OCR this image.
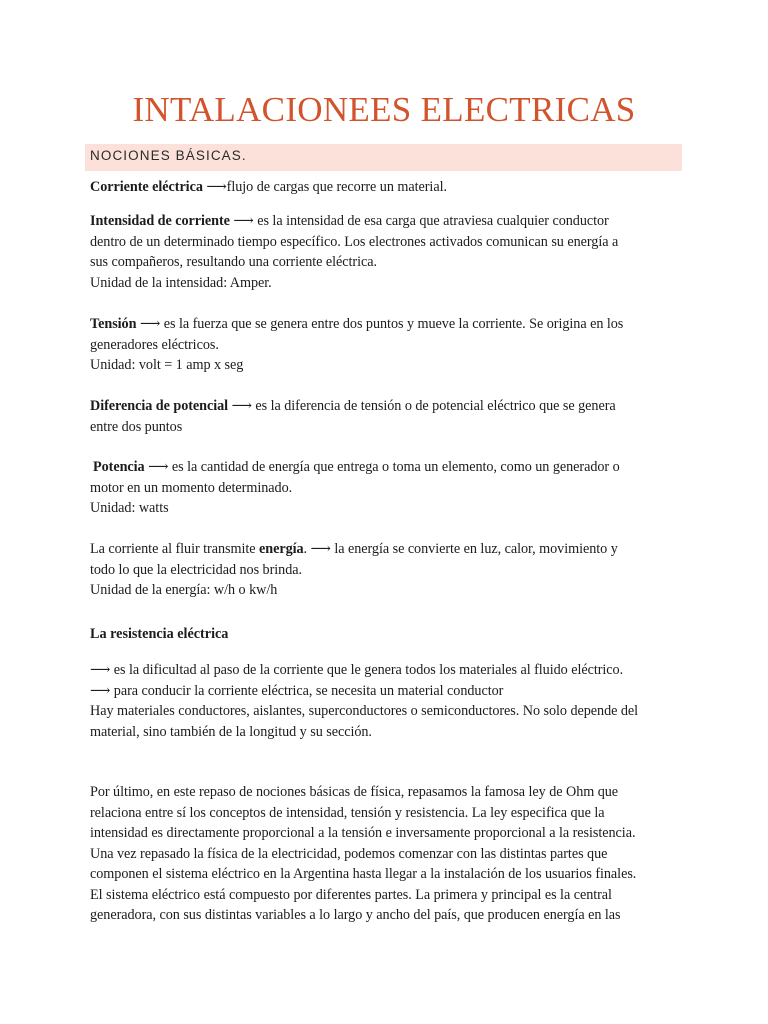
INTALACIONEES ELECTRICAS
NOCIONES BÁSICAS.

Corriente eléctrica ⟶flujo de cargas que recorre un material.

Intensidad de corriente ⟶ es la intensidad de esa carga que atraviesa cualquier conductor

dentro de un determinado tiempo específico. Los electrones activados comunican su energía a

sus compañeros, resultando una corriente eléctrica.

Unidad de la intensidad: Amper.

Tensión ⟶ es la fuerza que se genera entre dos puntos y mueve la corriente. Se origina en los

generadores eléctricos.

Unidad: volt = 1 amp x seg

Diferencia de potencial ⟶ es la diferencia de tensión o de potencial eléctrico que se genera

entre dos puntos

Potencia ⟶ es la cantidad de energía que entrega o toma un elemento, como un generador o

motor en un momento determinado.

Unidad: watts

La corriente al fluir transmite energía. ⟶ la energía se convierte en luz, calor, movimiento y

todo lo que la electricidad nos brinda.

Unidad de la energía: w/h o kw/h

La resistencia eléctrica

⟶ es la dificultad al paso de la corriente que le genera todos los materiales al fluido eléctrico.

⟶ para conducir la corriente eléctrica, se necesita un material conductor

Hay materiales conductores, aislantes, superconductores o semiconductores. No solo depende del

material, sino también de la longitud y su sección.

Por último, en este repaso de nociones básicas de física, repasamos la famosa ley de Ohm que

relaciona entre sí los conceptos de intensidad, tensión y resistencia. La ley especifica que la

intensidad es directamente proporcional a la tensión e inversamente proporcional a la resistencia.

Una vez repasado la física de la electricidad, podemos comenzar con las distintas partes que

componen el sistema eléctrico en la Argentina hasta llegar a la instalación de los usuarios finales.

El sistema eléctrico está compuesto por diferentes partes. La primera y principal es la central

generadora, con sus distintas variables a lo largo y ancho del país, que producen energía en las
